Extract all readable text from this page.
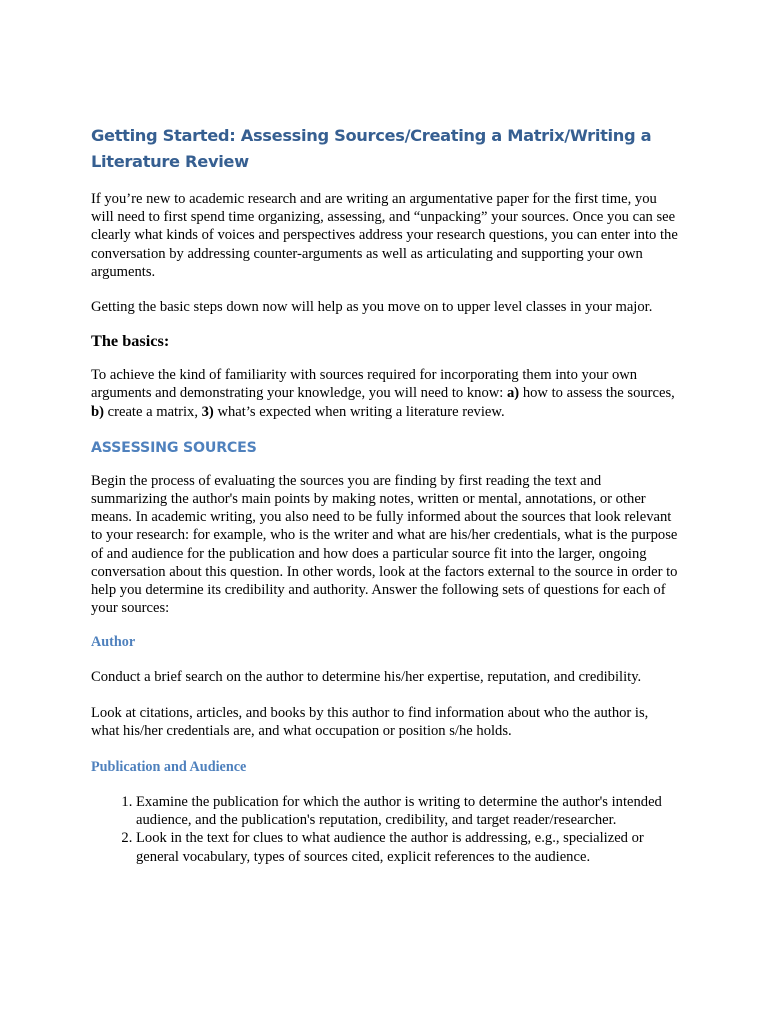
Getting Started: Assessing Sources/Creating a Matrix/Writing a
Literature Review

If you’re new to academic research and are writing an argumentative paper for the first time, you will need to first spend time organizing, assessing, and “unpacking” your sources. Once you can see clearly what kinds of voices and perspectives address your research questions, you can enter into the conversation by addressing counter-arguments as well as articulating and supporting your own arguments.

Getting the basic steps down now will help as you move on to upper level classes in your major.

The basics:

To achieve the kind of familiarity with sources required for incorporating them into your own arguments and demonstrating your knowledge, you will need to know: a) how to assess the sources, b) create a matrix, 3) what’s expected when writing a literature review.

ASSESSING SOURCES

Begin the process of evaluating the sources you are finding by first reading the text and summarizing the author's main points by making notes, written or mental, annotations, or other means. In academic writing, you also need to be fully informed about the sources that look relevant to your research: for example, who is the writer and what are his/her credentials, what is the purpose of and audience for the publication and how does a particular source fit into the larger, ongoing conversation about this question. In other words, look at the factors external to the source in order to help you determine its credibility and authority. Answer the following sets of questions for each of your sources:

Author

Conduct a brief search on the author to determine his/her expertise, reputation, and credibility.

Look at citations, articles, and books by this author to find information about who the author is, what his/her credentials are, and what occupation or position s/he holds.

Publication and Audience
1. Examine the publication for which the author is writing to determine the author's intended audience, and the publication's reputation, credibility, and target reader/researcher.
2. Look in the text for clues to what audience the author is addressing, e.g., specialized or general vocabulary, types of sources cited, explicit references to the audience.
